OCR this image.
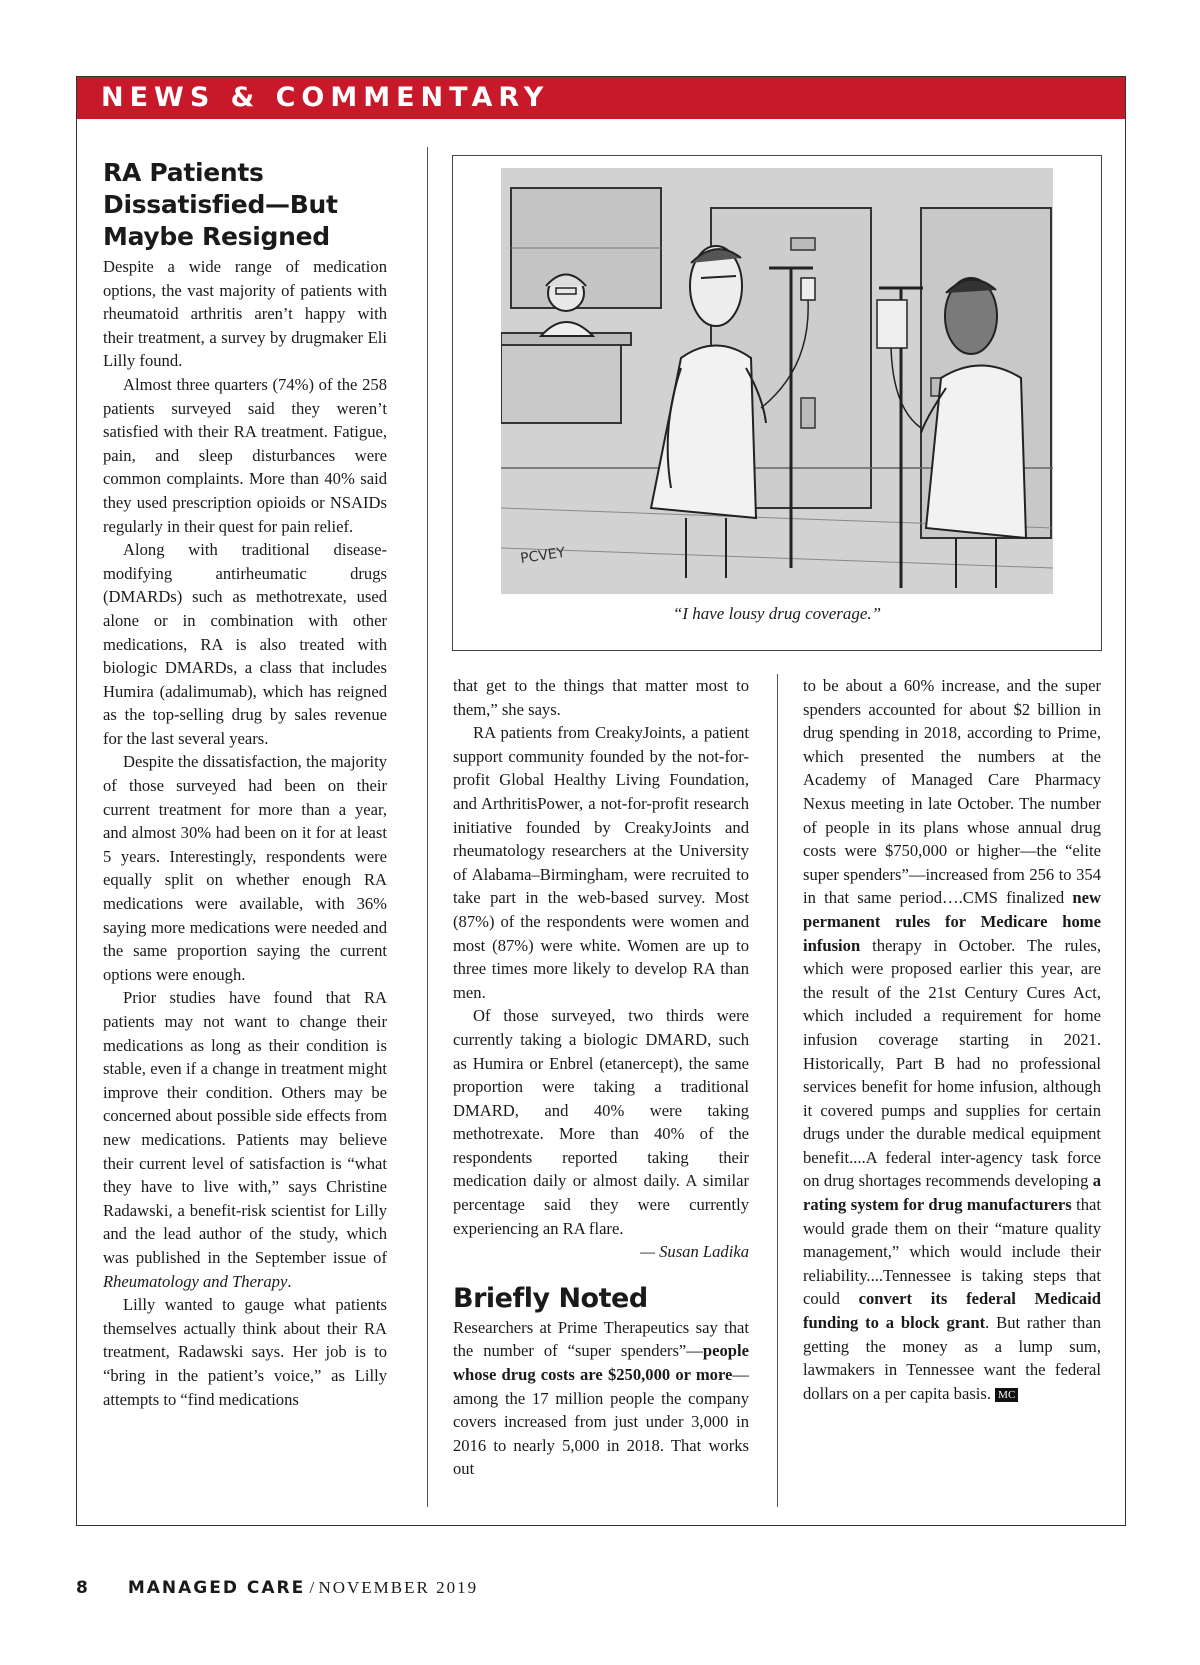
NEWS & COMMENTARY
RA Patients Dissatisfied—But Maybe Resigned

Despite a wide range of medication options, the vast majority of patients with rheumatoid arthritis aren’t happy with their treatment, a survey by drugmaker Eli Lilly found.

Almost three quarters (74%) of the 258 patients surveyed said they weren’t satisfied with their RA treatment. Fatigue, pain, and sleep disturbances were common complaints. More than 40% said they used prescription opioids or NSAIDs regularly in their quest for pain relief.

Along with traditional disease-modifying antirheumatic drugs (DMARDs) such as methotrexate, used alone or in combination with other medications, RA is also treated with biologic DMARDs, a class that includes Humira (adalimumab), which has reigned as the top-selling drug by sales revenue for the last several years.

Despite the dissatisfaction, the majority of those surveyed had been on their current treatment for more than a year, and almost 30% had been on it for at least 5 years. Interestingly, respondents were equally split on whether enough RA medications were available, with 36% saying more medications were needed and the same proportion saying the current options were enough.

Prior studies have found that RA patients may not want to change their medications as long as their condition is stable, even if a change in treatment might improve their condition. Others may be concerned about possible side effects from new medications. Patients may believe their current level of satisfaction is “what they have to live with,” says Christine Radawski, a benefit-risk scientist for Lilly and the lead author of the study, which was published in the September issue of Rheumatology and Therapy.

Lilly wanted to gauge what patients themselves actually think about their RA treatment, Radawski says. Her job is to “bring in the patient’s voice,” as Lilly attempts to “find medications

PCVEY
“I have lousy drug coverage.”

that get to the things that matter most to them,” she says.

RA patients from CreakyJoints, a patient support community founded by the not-for-profit Global Healthy Living Foundation, and ArthritisPower, a not-for-profit research initiative founded by CreakyJoints and rheumatology researchers at the University of Alabama–Birmingham, were recruited to take part in the web-based survey. Most (87%) of the respondents were women and most (87%) were white. Women are up to three times more likely to develop RA than men.

Of those surveyed, two thirds were currently taking a biologic DMARD, such as Humira or Enbrel (etanercept), the same proportion were taking a traditional DMARD, and 40% were taking methotrexate. More than 40% of the respondents reported taking their medication daily or almost daily. A similar percentage said they were currently experiencing an RA flare.

— Susan Ladika

Briefly Noted

Researchers at Prime Therapeutics say that the number of “super spenders”—people whose drug costs are $250,000 or more—among the 17 million people the company covers increased from just under 3,000 in 2016 to nearly 5,000 in 2018. That works out

to be about a 60% increase, and the super spenders accounted for about $2 billion in drug spending in 2018, according to Prime, which presented the numbers at the Academy of Managed Care Pharmacy Nexus meeting in late October. The number of people in its plans whose annual drug costs were $750,000 or higher—the “elite super spenders”—increased from 256 to 354 in that same period….CMS finalized new permanent rules for Medicare home infusion therapy in October. The rules, which were proposed earlier this year, are the result of the 21st Century Cures Act, which included a requirement for home infusion coverage starting in 2021. Historically, Part B had no professional services benefit for home infusion, although it covered pumps and supplies for certain drugs under the durable medical equipment benefit....A federal inter-agency task force on drug shortages recommends developing a rating system for drug manufacturers that would grade them on their “mature quality management,” which would include their reliability....Tennessee is taking steps that could convert its federal Medicaid funding to a block grant. But rather than getting the money as a lump sum, lawmakers in Tennessee want the federal dollars on a per capita basis. MC

8 MANAGED CARE / NOVEMBER 2019
